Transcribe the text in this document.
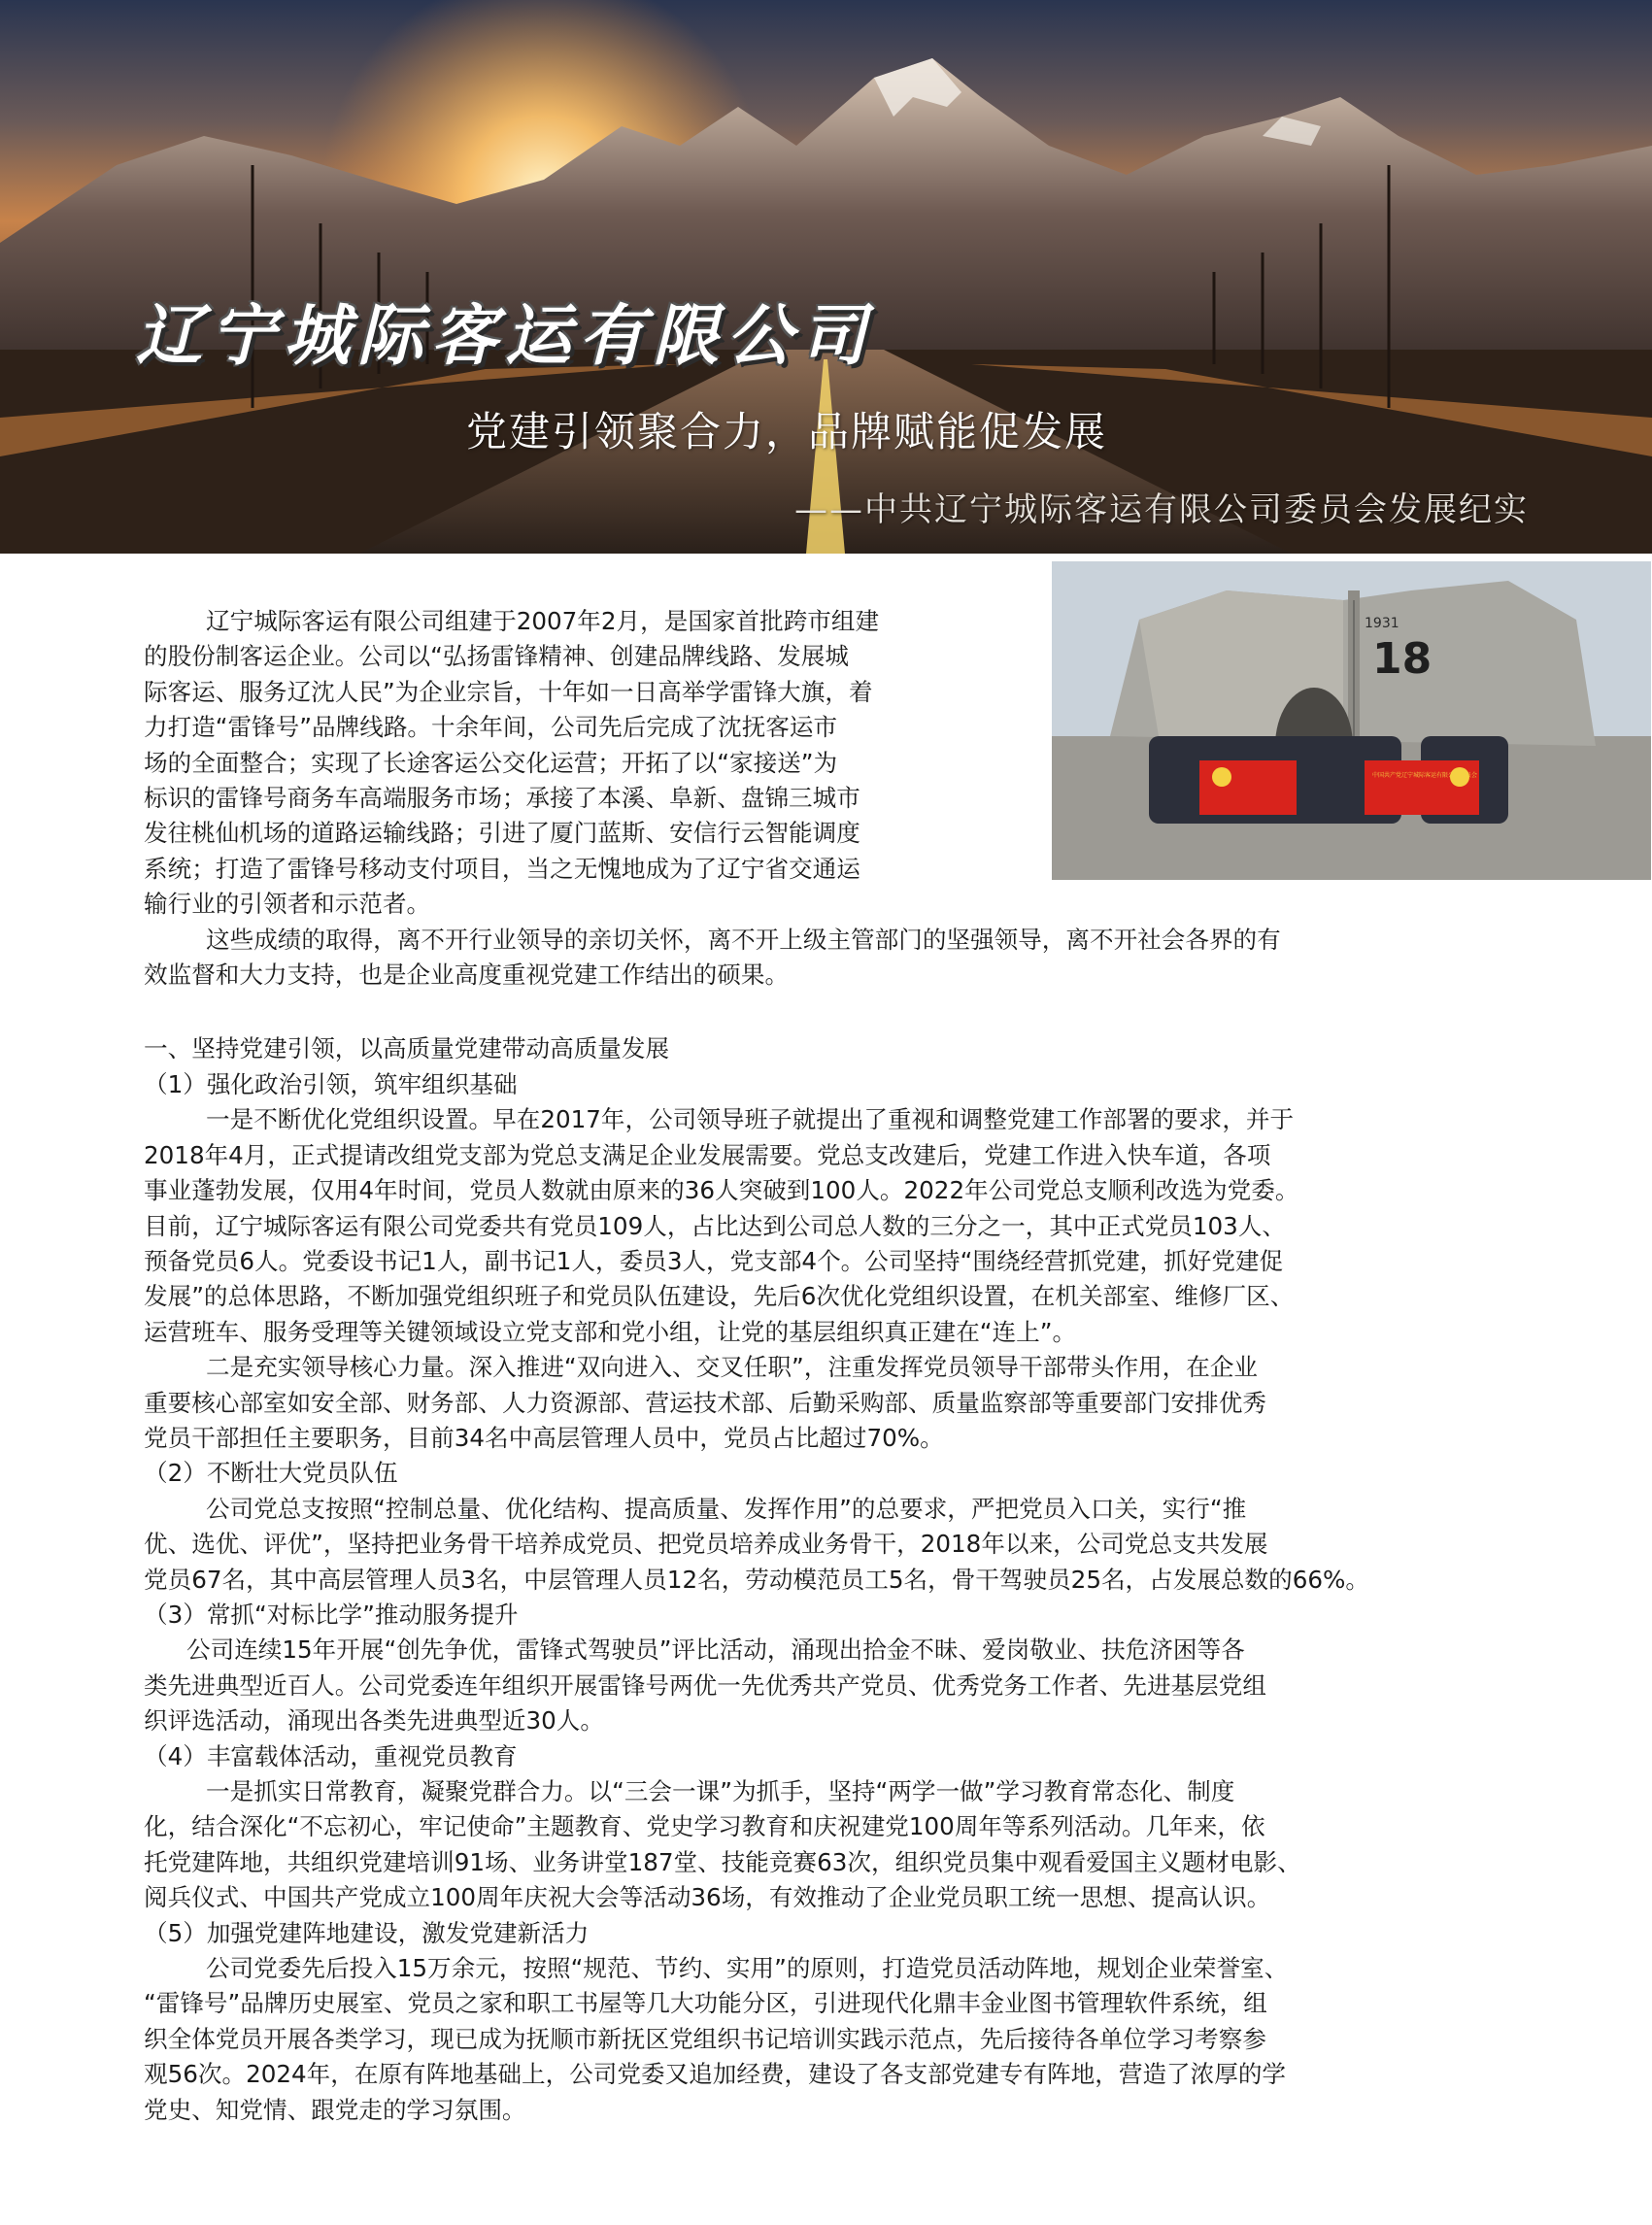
辽宁城际客运有限公司
党建引领聚合力，品牌赋能促发展
——中共辽宁城际客运有限公司委员会发展纪实
1931
18
中国共产党辽宁城际客运有限公司委员会
辽宁城际客运有限公司组建于2007年2月，是国家首批跨市组建
的股份制客运企业。公司以“弘扬雷锋精神、创建品牌线路、发展城
际客运、服务辽沈人民”为企业宗旨，十年如一日高举学雷锋大旗，着
力打造“雷锋号”品牌线路。十余年间，公司先后完成了沈抚客运市
场的全面整合；实现了长途客运公交化运营；开拓了以“家接送”为
标识的雷锋号商务车高端服务市场；承接了本溪、阜新、盘锦三城市
发往桃仙机场的道路运输线路；引进了厦门蓝斯、安信行云智能调度
系统；打造了雷锋号移动支付项目，当之无愧地成为了辽宁省交通运
输行业的引领者和示范者。
这些成绩的取得，离不开行业领导的亲切关怀，离不开上级主管部门的坚强领导，离不开社会各界的有
效监督和大力支持，也是企业高度重视党建工作结出的硕果。
一、坚持党建引领，以高质量党建带动高质量发展
（1）强化政治引领，筑牢组织基础
一是不断优化党组织设置。早在2017年，公司领导班子就提出了重视和调整党建工作部署的要求，并于
2018年4月，正式提请改组党支部为党总支满足企业发展需要。党总支改建后，党建工作进入快车道，各项
事业蓬勃发展，仅用4年时间，党员人数就由原来的36人突破到100人。2022年公司党总支顺利改选为党委。
目前，辽宁城际客运有限公司党委共有党员109人，占比达到公司总人数的三分之一，其中正式党员103人、
预备党员6人。党委设书记1人，副书记1人，委员3人，党支部4个。公司坚持“围绕经营抓党建，抓好党建促
发展”的总体思路，不断加强党组织班子和党员队伍建设，先后6次优化党组织设置，在机关部室、维修厂区、
运营班车、服务受理等关键领域设立党支部和党小组，让党的基层组织真正建在“连上”。
二是充实领导核心力量。深入推进“双向进入、交叉任职”，注重发挥党员领导干部带头作用，在企业
重要核心部室如安全部、财务部、人力资源部、营运技术部、后勤采购部、质量监察部等重要部门安排优秀
党员干部担任主要职务，目前34名中高层管理人员中，党员占比超过70%。
（2）不断壮大党员队伍
公司党总支按照“控制总量、优化结构、提高质量、发挥作用”的总要求，严把党员入口关，实行“推
优、选优、评优”，坚持把业务骨干培养成党员、把党员培养成业务骨干，2018年以来，公司党总支共发展
党员67名，其中高层管理人员3名，中层管理人员12名，劳动模范员工5名，骨干驾驶员25名，占发展总数的66%。
（3）常抓“对标比学”推动服务提升
公司连续15年开展“创先争优，雷锋式驾驶员”评比活动，涌现出拾金不昧、爱岗敬业、扶危济困等各
类先进典型近百人。公司党委连年组织开展雷锋号两优一先优秀共产党员、优秀党务工作者、先进基层党组
织评选活动，涌现出各类先进典型近30人。
（4）丰富载体活动，重视党员教育
一是抓实日常教育，凝聚党群合力。以“三会一课”为抓手，坚持“两学一做”学习教育常态化、制度
化，结合深化“不忘初心，牢记使命”主题教育、党史学习教育和庆祝建党100周年等系列活动。几年来，依
托党建阵地，共组织党建培训91场、业务讲堂187堂、技能竞赛63次，组织党员集中观看爱国主义题材电影、
阅兵仪式、中国共产党成立100周年庆祝大会等活动36场，有效推动了企业党员职工统一思想、提高认识。
（5）加强党建阵地建设，激发党建新活力
公司党委先后投入15万余元，按照“规范、节约、实用”的原则，打造党员活动阵地，规划企业荣誉室、
“雷锋号”品牌历史展室、党员之家和职工书屋等几大功能分区，引进现代化鼎丰金业图书管理软件系统，组
织全体党员开展各类学习，现已成为抚顺市新抚区党组织书记培训实践示范点，先后接待各单位学习考察参
观56次。2024年，在原有阵地基础上，公司党委又追加经费，建设了各支部党建专有阵地，营造了浓厚的学
党史、知党情、跟党走的学习氛围。
